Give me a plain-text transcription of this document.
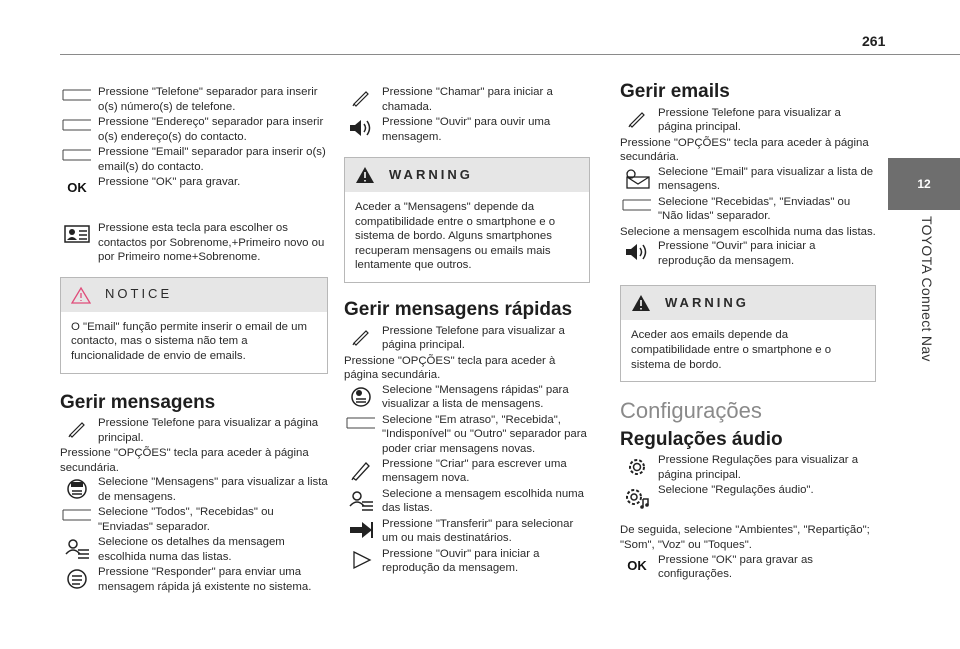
261
12
TOYOTA Connect Nav
Pressione "Telefone" separador para inserir o(s) número(s) de telefone.
Pressione "Endereço" separador para inserir o(s) endereço(s) do contacto.
Pressione "Email" separador para inserir o(s) email(s) do contacto.
OK Pressione "OK" para gravar.
Pressione esta tecla para escolher os contactos por Sobrenome,+Primeiro novo ou por Primeiro nome+Sobrenome.
NOTICE
O "Email" função permite inserir o email de um contacto, mas o sistema não tem a funcionalidade de envio de emails.
Gerir mensagens
Pressione Telefone para visualizar a página principal.
Pressione "OPÇÕES" tecla para aceder à página secundária.
Selecione "Mensagens" para visualizar a lista de mensagens.
Selecione "Todos", "Recebidas" ou "Enviadas" separador.
Selecione os detalhes da mensagem escolhida numa das listas.
Pressione "Responder" para enviar uma mensagem rápida já existente no sistema.
Pressione "Chamar" para iniciar a chamada.
Pressione "Ouvir" para ouvir uma mensagem.
WARNING
Aceder a "Mensagens" depende da compatibilidade entre o smartphone e o sistema de bordo. Alguns smartphones recuperam mensagens ou emails mais lentamente que outros.
Gerir mensagens rápidas
Pressione Telefone para visualizar a página principal.
Pressione "OPÇÕES" tecla para aceder à página secundária.
Selecione "Mensagens rápidas" para visualizar a lista de mensagens.
Selecione "Em atraso", "Recebida", "Indisponível" ou "Outro" separador para poder criar mensagens novas.
Pressione "Criar" para escrever uma mensagem nova.
Selecione a mensagem escolhida numa das listas.
Pressione "Transferir" para selecionar um ou mais destinatários.
Pressione "Ouvir" para iniciar a reprodução da mensagem.
Gerir emails
Pressione Telefone para visualizar a página principal.
Pressione "OPÇÕES" tecla para aceder à página secundária.
Selecione "Email" para visualizar a lista de mensagens.
Selecione "Recebidas", "Enviadas" ou "Não lidas" separador.
Selecione a mensagem escolhida numa das listas.
Pressione "Ouvir" para iniciar a reprodução da mensagem.
WARNING
Aceder aos emails depende da compatibilidade entre o smartphone e o sistema de bordo.
Configurações
Regulações áudio
Pressione Regulações para visualizar a página principal.
Selecione "Regulações áudio".
De seguida, selecione "Ambientes", "Repartição"; "Som", "Voz" ou "Toques".
OK Pressione "OK" para gravar as configurações.
